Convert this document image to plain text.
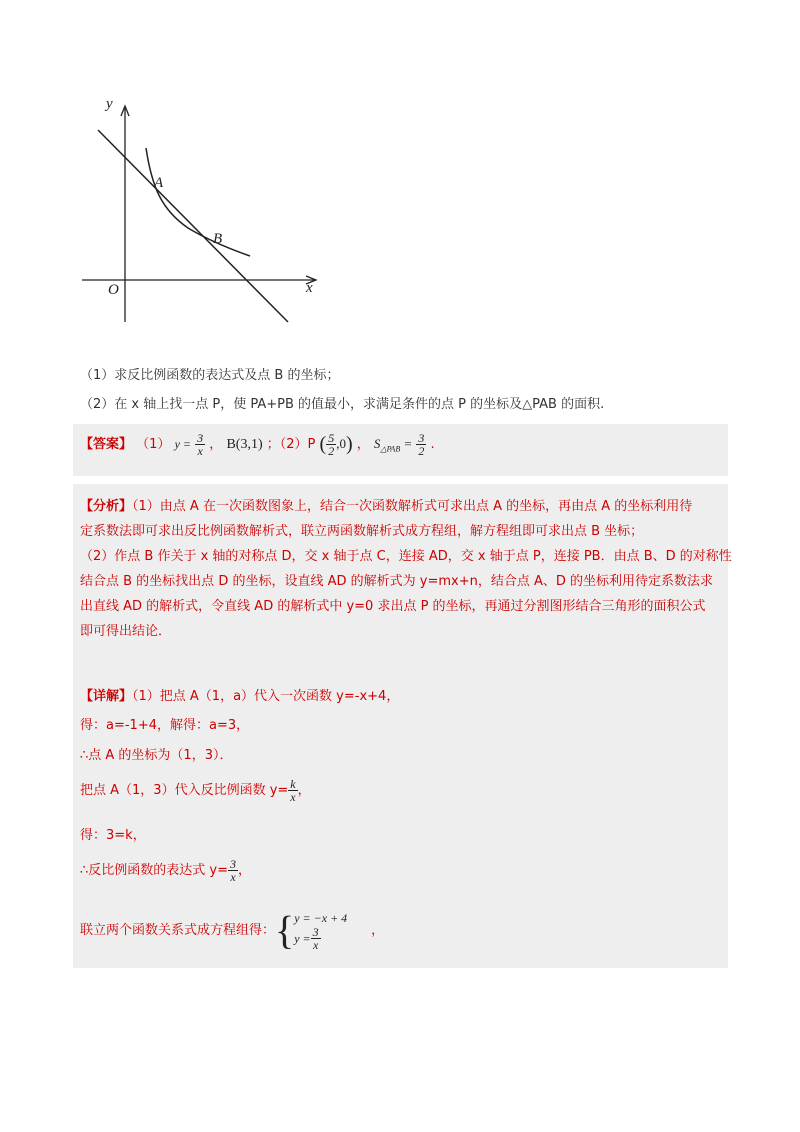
y
x
O
A
B
（1）求反比例函数的表达式及点 B 的坐标；
（2）在 x 轴上找一点 P，使 PA+PB 的值最小，求满足条件的点 P 的坐标及△PAB 的面积.
【答案】 （1） $y = \frac{3}{x}$ ， B(3,1) ；（2）P ( $\frac{5}{2} ,0$) ， $S_{\triangle PAB} = \frac{3}{2}$ .
【分析】（1）由点 A 在一次函数图象上，结合一次函数解析式可求出点 A 的坐标，再由点 A 的坐标利用待
定系数法即可求出反比例函数解析式，联立两函数解析式成方程组，解方程组即可求出点 B 坐标；
（2）作点 B 作关于 x 轴的对称点 D，交 x 轴于点 C，连接 AD，交 x 轴于点 P，连接 PB．由点 B、D 的对称性
结合点 B 的坐标找出点 D 的坐标，设直线 AD 的解析式为 y=mx+n，结合点 A、D 的坐标利用待定系数法求
出直线 AD 的解析式，令直线 AD 的解析式中 y=0 求出点 P 的坐标，再通过分割图形结合三角形的面积公式
即可得出结论．
【详解】（1）把点 A（1，a）代入一次函数 y=-x+4，
得：a=-1+4，解得：a=3，
∴点 A 的坐标为（1，3）．
把点 A（1，3）代入反比例函数 $y= \frac{k}{x}$ ，
得：3=k，
∴反比例函数的表达式 $y= \frac{3}{x}$ ，
联立两个函数关系式成方程组得：{ y = −x + 4
$y = \frac{3}{x}$	，
